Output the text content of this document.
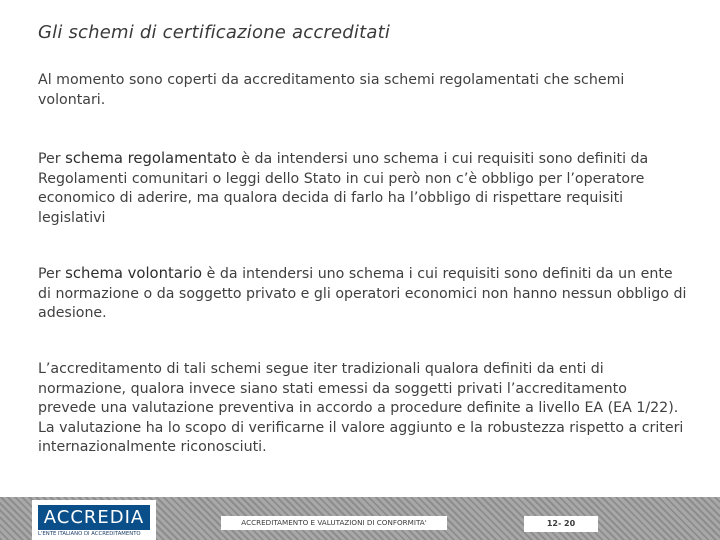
Gli schemi di certificazione accreditati
Al momento sono coperti da accreditamento sia schemi regolamentati che schemi volontari.
Per schema regolamentato è da intendersi uno schema i cui requisiti sono definiti da Regolamenti comunitari o leggi dello Stato in cui però non c’è obbligo per l’operatore economico di aderire, ma qualora decida di farlo ha l’obbligo di rispettare requisiti legislativi
Per schema volontario è da intendersi uno schema i cui requisiti sono definiti da un ente di normazione o da soggetto privato e gli operatori economici non hanno nessun obbligo di adesione.
L’accreditamento di tali schemi segue iter tradizionali qualora definiti da enti di normazione, qualora invece siano stati emessi da soggetti privati l’accreditamento prevede una valutazione preventiva in accordo a procedure definite a livello EA (EA 1/22).
La valutazione ha lo scopo di verificarne il valore aggiunto e la robustezza rispetto a criteri internazionalmente riconosciuti.
ACCREDIA
L'ENTE ITALIANO DI ACCREDITAMENTO
ACCREDITAMENTO E VALUTAZIONI DI CONFORMITA'	12- 20
